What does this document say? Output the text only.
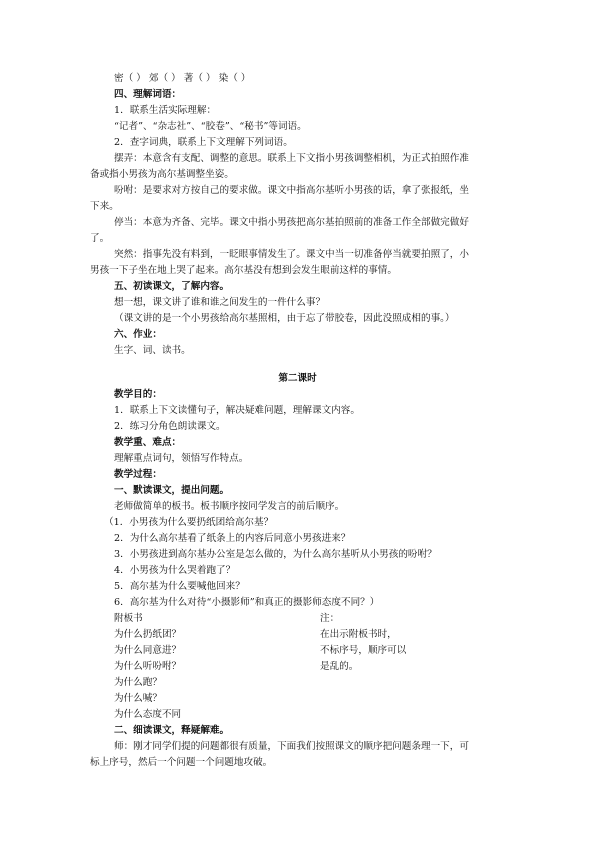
密（ ） 郊（ ） 著（ ） 染（ ）
四、理解词语：
1．联系生活实际理解：
“记者”、“杂志社”、“胶卷”、“秘书”等词语。
2．查字词典，联系上下文理解下列词语。
摆弄：本意含有支配、调整的意思。联系上下文指小男孩调整相机，为正式拍照作准
备或指小男孩为高尔基调整坐姿。
吩咐：是要求对方按自己的要求做。课文中指高尔基听小男孩的话，拿了张报纸，坐
下来。
停当：本意为齐备、完毕。课文中指小男孩把高尔基拍照前的准备工作全部做完做好
了。
突然：指事先没有料到，一眨眼事情发生了。课文中当一切准备停当就要拍照了，小
男孩一下子坐在地上哭了起来。高尔基没有想到会发生眼前这样的事情。
五、初读课文，了解内容。
想一想，课文讲了谁和谁之间发生的一件什么事？
（课文讲的是一个小男孩给高尔基照相，由于忘了带胶卷，因此没照成相的事。）
六、作业：
生字、词、读书。
第二课时
教学目的：
1．联系上下文读懂句子，解决疑难问题，理解课文内容。
2．练习分角色朗读课文。
教学重、难点：
理解重点词句，领悟写作特点。
教学过程：
一、默读课文，提出问题。
老师做简单的板书。板书顺序按同学发言的前后顺序。
（1．小男孩为什么要扔纸团给高尔基？
2．为什么高尔基看了纸条上的内容后同意小男孩进来？
3．小男孩进到高尔基办公室是怎么做的，为什么高尔基听从小男孩的吩咐？
4．小男孩为什么哭着跑了？
5．高尔基为什么要喊他回来？
6．高尔基为什么对待“小摄影师”和真正的摄影师态度不同？）
附板书	注：
为什么扔纸团？	在出示附板书时，
为什么同意进？	不标序号，顺序可以
为什么听吩咐？	是乱的。
为什么跑？
为什么喊？
为什么态度不同
二、细读课文，释疑解难。
师：刚才同学们提的问题都很有质量，下面我们按照课文的顺序把问题条理一下，可
标上序号，然后一个问题一个问题地攻破。
